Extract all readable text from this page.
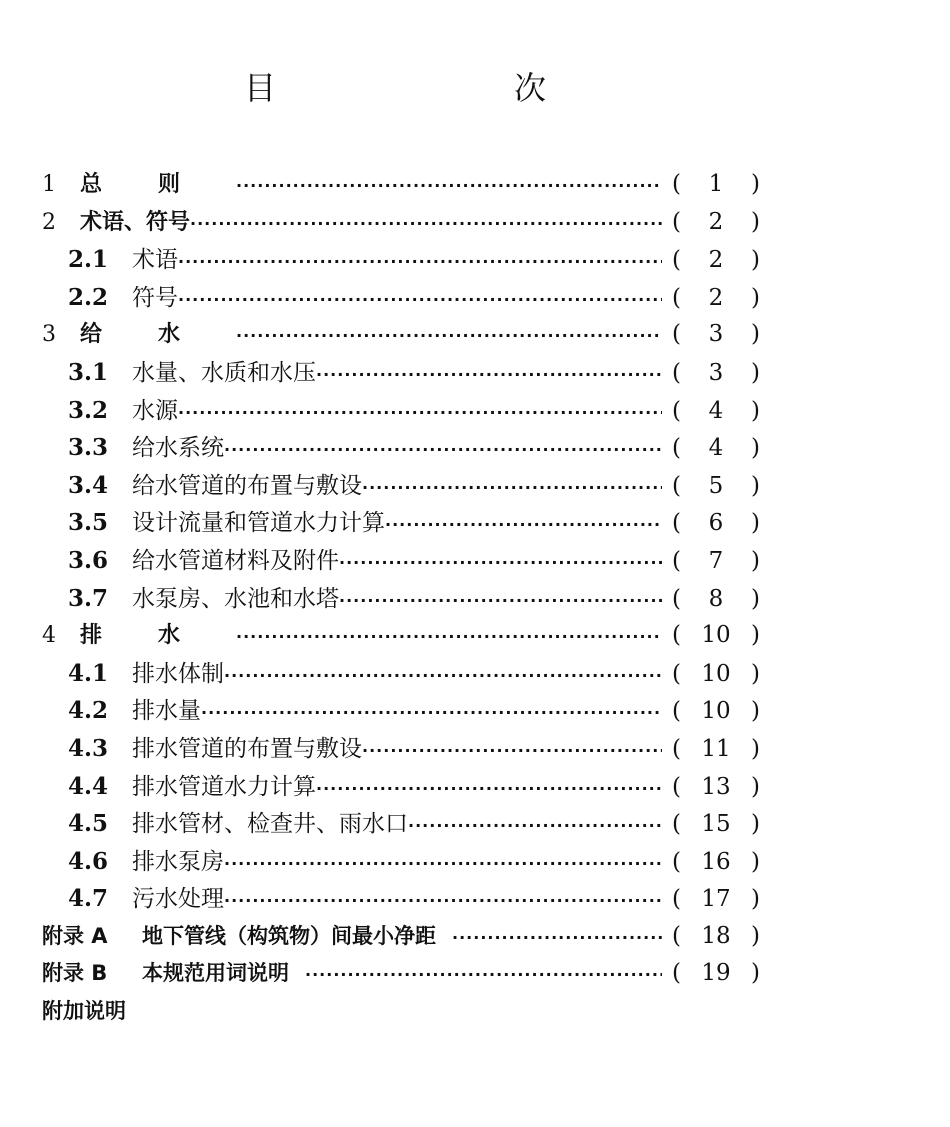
目　　次
1	总则 ·····	(	1	)
2	术语、符号 ·····	(	2	)
2.1	术语 ·····	(	2	)
2.2	符号 ·····	(	2	)
3	给水 ·····	(	3	)
3.1	水量、水质和水压 ·····	(	3	)
3.2	水源 ·····	(	4	)
3.3	给水系统 ·····	(	4	)
3.4	给水管道的布置与敷设 ·····	(	5	)
3.5	设计流量和管道水力计算 ·····	(	6	)
3.6	给水管道材料及附件 ·····	(	7	)
3.7	水泵房、水池和水塔 ·····	(	8	)
4	排水 ·····	( 10 )
4.1	排水体制 ·····	( 10 )
4.2	排水量 ·····	( 10 )
4.3	排水管道的布置与敷设 ·····	( 11 )
4.4	排水管道水力计算 ·····	( 13 )
4.5	排水管材、检查井、雨水口 ·····	( 15 )
4.6	排水泵房 ·····	( 16 )
4.7	污水处理 ·····	( 17 )
附录 A	地下管线（构筑物）间最小净距 ·····	( 18 )
附录 B	本规范用词说明 ·····	( 19 )
附加说明
